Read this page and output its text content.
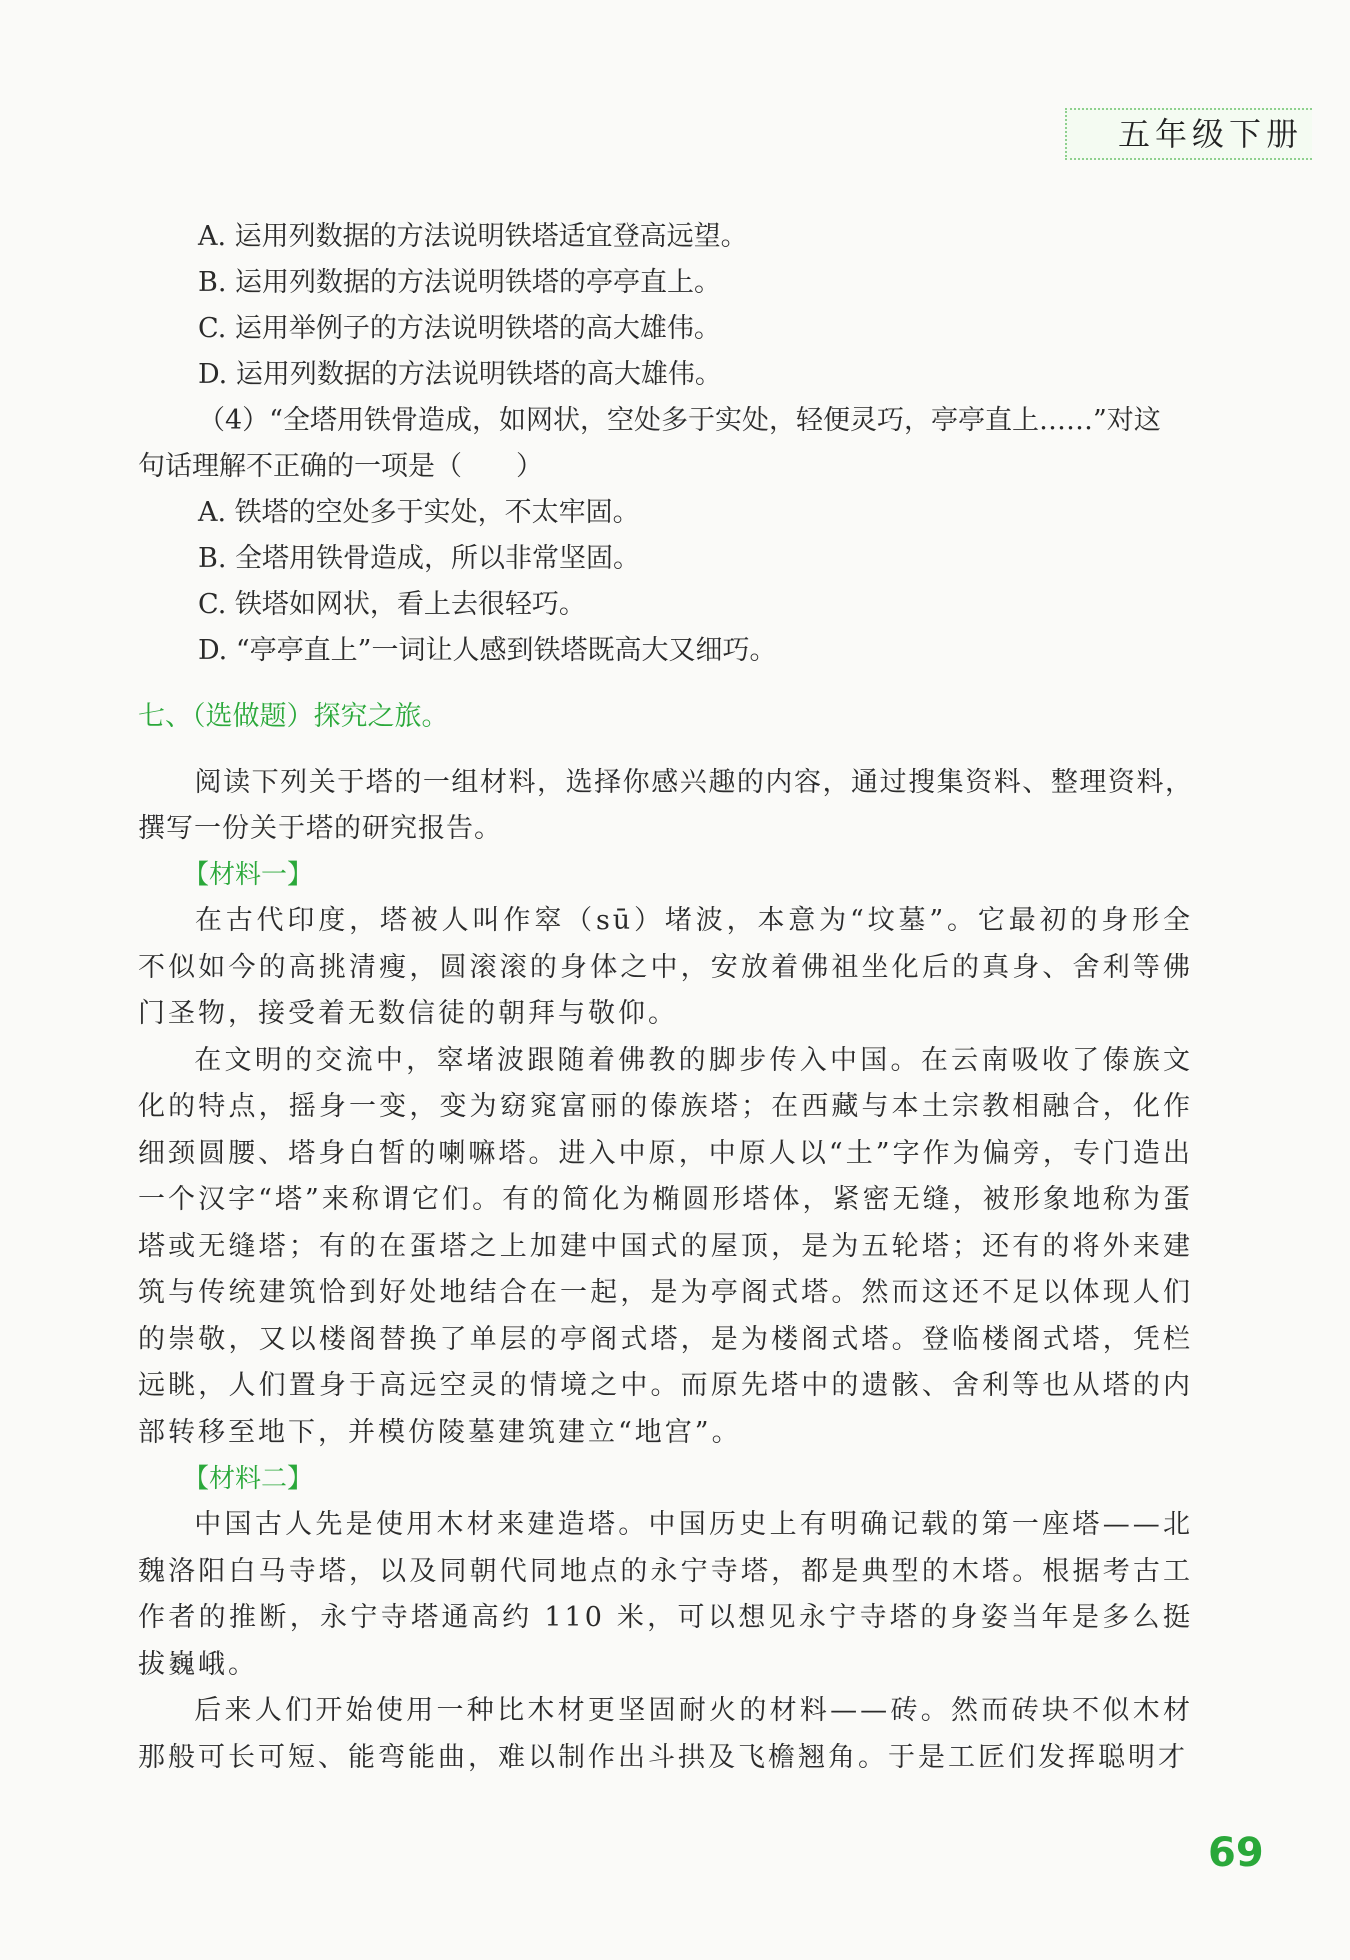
五年级下册
A. 运用列数据的方法说明铁塔适宜登高远望。
B. 运用列数据的方法说明铁塔的亭亭直上。
C. 运用举例子的方法说明铁塔的高大雄伟。
D. 运用列数据的方法说明铁塔的高大雄伟。
（4）“全塔用铁骨造成，如网状，空处多于实处，轻便灵巧，亭亭直上……”对这
句话理解不正确的一项是（　　）
A. 铁塔的空处多于实处，不太牢固。
B. 全塔用铁骨造成，所以非常坚固。
C. 铁塔如网状，看上去很轻巧。
D. “亭亭直上”一词让人感到铁塔既高大又细巧。
七、（选做题）探究之旅。
阅读下列关于塔的一组材料，选择你感兴趣的内容，通过搜集资料、整理资料，撰写一份关于塔的研究报告。
【材料一】
在古代印度，塔被人叫作窣（sū）堵波，本意为“坟墓”。它最初的身形全不似如今的高挑清瘦，圆滚滚的身体之中，安放着佛祖坐化后的真身、舍利等佛门圣物，接受着无数信徒的朝拜与敬仰。
在文明的交流中，窣堵波跟随着佛教的脚步传入中国。在云南吸收了傣族文化的特点，摇身一变，变为窈窕富丽的傣族塔；在西藏与本土宗教相融合，化作细颈圆腰、塔身白皙的喇嘛塔。进入中原，中原人以“土”字作为偏旁，专门造出一个汉字“塔”来称谓它们。有的简化为椭圆形塔体，紧密无缝，被形象地称为蛋塔或无缝塔；有的在蛋塔之上加建中国式的屋顶，是为五轮塔；还有的将外来建筑与传统建筑恰到好处地结合在一起，是为亭阁式塔。然而这还不足以体现人们的崇敬，又以楼阁替换了单层的亭阁式塔，是为楼阁式塔。登临楼阁式塔，凭栏远眺，人们置身于高远空灵的情境之中。而原先塔中的遗骸、舍利等也从塔的内部转移至地下，并模仿陵墓建筑建立“地宫”。
【材料二】
中国古人先是使用木材来建造塔。中国历史上有明确记载的第一座塔——北魏洛阳白马寺塔，以及同朝代同地点的永宁寺塔，都是典型的木塔。根据考古工作者的推断，永宁寺塔通高约 110 米，可以想见永宁寺塔的身姿当年是多么挺拔巍峨。
后来人们开始使用一种比木材更坚固耐火的材料——砖。然而砖块不似木材那般可长可短、能弯能曲，难以制作出斗拱及飞檐翘角。于是工匠们发挥聪明才
69
